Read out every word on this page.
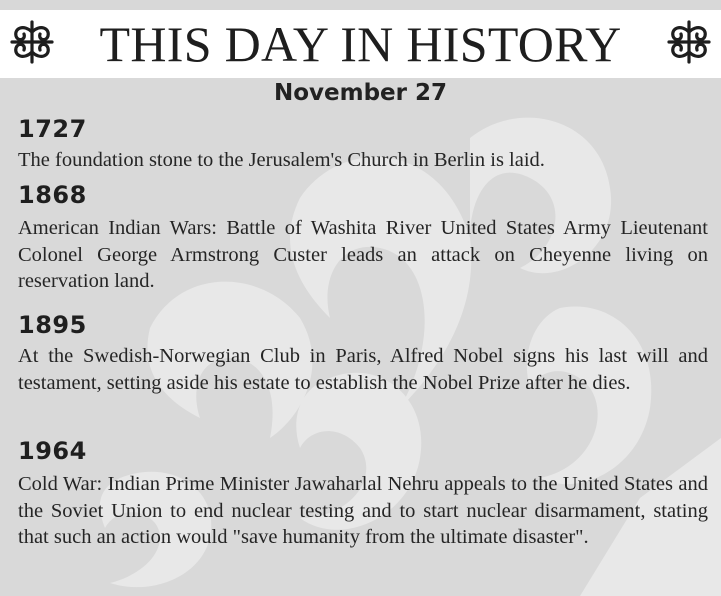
THIS DAY IN HISTORY
November 27
1727
The foundation stone to the Jerusalem's Church in Berlin is laid.
1868
American Indian Wars: Battle of Washita River United States Army Lieutenant Colonel George Armstrong Custer leads an attack on Cheyenne living on reservation land.
1895
At the Swedish-Norwegian Club in Paris, Alfred Nobel signs his last will and testament, setting aside his estate to establish the Nobel Prize after he dies.
1964
Cold War: Indian Prime Minister Jawaharlal Nehru appeals to the United States and the Soviet Union to end nuclear testing and to start nuclear disarmament, stating that such an action would "save humanity from the ultimate disaster".
